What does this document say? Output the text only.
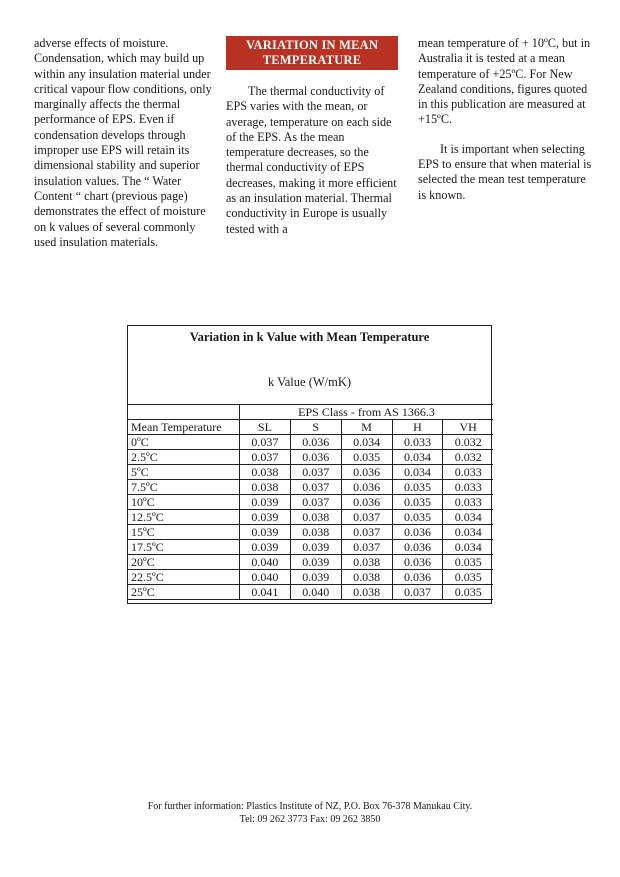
adverse effects of moisture. Condensation, which may build up within any insulation material under critical vapour flow conditions, only marginally affects the thermal performance of EPS. Even if condensation develops through improper use EPS will retain its dimensional stability and superior insulation values. The “ Water Content “ chart (previous page) demonstrates the effect of moisture on k values of several commonly used insulation materials.

VARIATION IN MEAN TEMPERATURE

The thermal conductivity of EPS varies with the mean, or average, temperature on each side of the EPS. As the mean temperature decreases, so the thermal conductivity of EPS decreases, making it more efficient as an insulation material. Thermal conductivity in Europe is usually tested with a

mean temperature of + 10ºC, but in Australia it is tested at a mean temperature of +25ºC. For New Zealand conditions, figures quoted in this publication are measured at +15ºC.

It is important when selecting EPS to ensure that when material is selected the mean test temperature is known.

Variation in k Value with Mean Temperature
k Value (W/mK)
	EPS Class - from AS 1366.3				
Mean Temperature	SL	S	M	H	VH
0ºC	0.037	0.036	0.034	0.033	0.032
2.5ºC	0.037	0.036	0.035	0.034	0.032
5ºC	0.038	0.037	0.036	0.034	0.033
7.5ºC	0.038	0.037	0.036	0.035	0.033
10ºC	0.039	0.037	0.036	0.035	0.033
12.5ºC	0.039	0.038	0.037	0.035	0.034
15ºC	0.039	0.038	0.037	0.036	0.034
17.5ºC	0.039	0.039	0.037	0.036	0.034
20ºC	0.040	0.039	0.038	0.036	0.035
22.5ºC	0.040	0.039	0.038	0.036	0.035
25ºC	0.041	0.040	0.038	0.037	0.035
For further information: Plastics Institute of NZ, P.O. Box 76-378 Manukau City.
Tel: 09 262 3773 Fax: 09 262 3850
